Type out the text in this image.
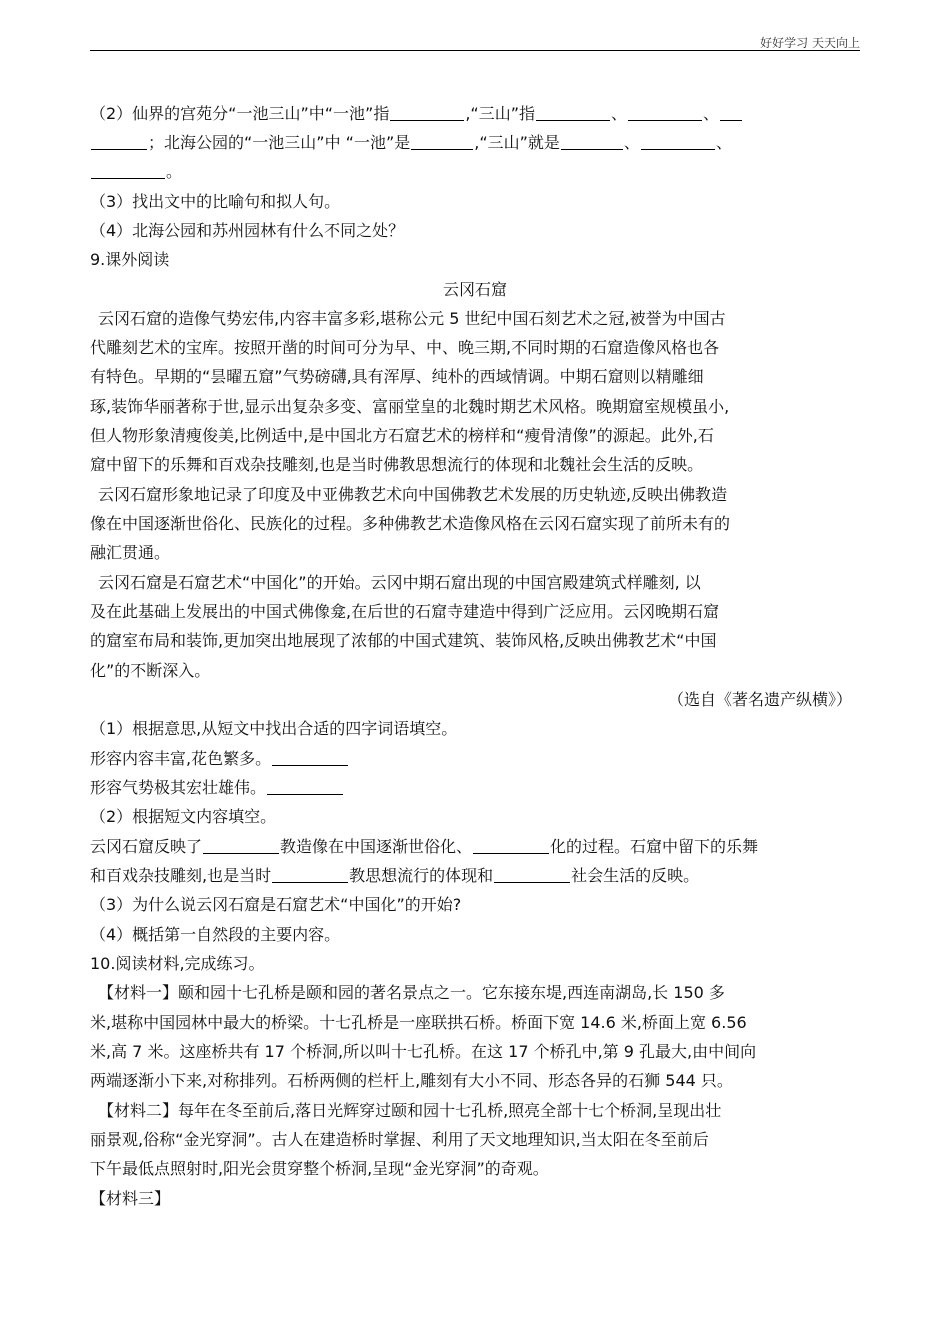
好好学习 天天向上
（2）仙界的宫苑分“一池三山”中“一池”指	,“三山”指	、	、
；北海公园的“一池三山”中 “一池”是	,“三山”就是	、	、
。
（3）找出文中的比喻句和拟人句。
（4）北海公园和苏州园林有什么不同之处？
9.课外阅读
云冈石窟
云冈石窟的造像气势宏伟,内容丰富多彩,堪称公元 5 世纪中国石刻艺术之冠,被誉为中国古
代雕刻艺术的宝库。按照开凿的时间可分为早、中、晚三期,不同时期的石窟造像风格也各
有特色。早期的“昙曜五窟”气势磅礴,具有浑厚、纯朴的西域情调。中期石窟则以精雕细
琢,装饰华丽著称于世,显示出复杂多变、富丽堂皇的北魏时期艺术风格。晚期窟室规模虽小,
但人物形象清瘦俊美,比例适中,是中国北方石窟艺术的榜样和“瘦骨清像”的源起。此外,石
窟中留下的乐舞和百戏杂技雕刻,也是当时佛教思想流行的体现和北魏社会生活的反映。
云冈石窟形象地记录了印度及中亚佛教艺术向中国佛教艺术发展的历史轨迹,反映出佛教造
像在中国逐渐世俗化、民族化的过程。多种佛教艺术造像风格在云冈石窟实现了前所未有的
融汇贯通。
云冈石窟是石窟艺术“中国化”的开始。云冈中期石窟出现的中国宫殿建筑式样雕刻, 以
及在此基础上发展出的中国式佛像龛,在后世的石窟寺建造中得到广泛应用。云冈晚期石窟
的窟室布局和装饰,更加突出地展现了浓郁的中国式建筑、装饰风格,反映出佛教艺术“中国
化”的不断深入。
（选自《著名遗产纵横》）
（1）根据意思,从短文中找出合适的四字词语填空。
形容内容丰富,花色繁多。
形容气势极其宏壮雄伟。
（2）根据短文内容填空。
云冈石窟反映了	教造像在中国逐渐世俗化、	化的过程。石窟中留下的乐舞
和百戏杂技雕刻,也是当时	教思想流行的体现和	社会生活的反映。
（3）为什么说云冈石窟是石窟艺术“中国化”的开始?
（4）概括第一自然段的主要内容。
10.阅读材料,完成练习。
【材料一】颐和园十七孔桥是颐和园的著名景点之一。它东接东堤,西连南湖岛,长 150 多
米,堪称中国园林中最大的桥梁。十七孔桥是一座联拱石桥。桥面下宽 14.6 米,桥面上宽 6.56
米,高 7 米。这座桥共有 17 个桥洞,所以叫十七孔桥。在这 17 个桥孔中,第 9 孔最大,由中间向
两端逐渐小下来,对称排列。石桥两侧的栏杆上,雕刻有大小不同、形态各异的石狮 544 只。
【材料二】每年在冬至前后,落日光辉穿过颐和园十七孔桥,照亮全部十七个桥洞,呈现出壮
丽景观,俗称“金光穿洞”。古人在建造桥时掌握、利用了天文地理知识,当太阳在冬至前后
下午最低点照射时,阳光会贯穿整个桥洞,呈现“金光穿洞”的奇观。
【材料三】
